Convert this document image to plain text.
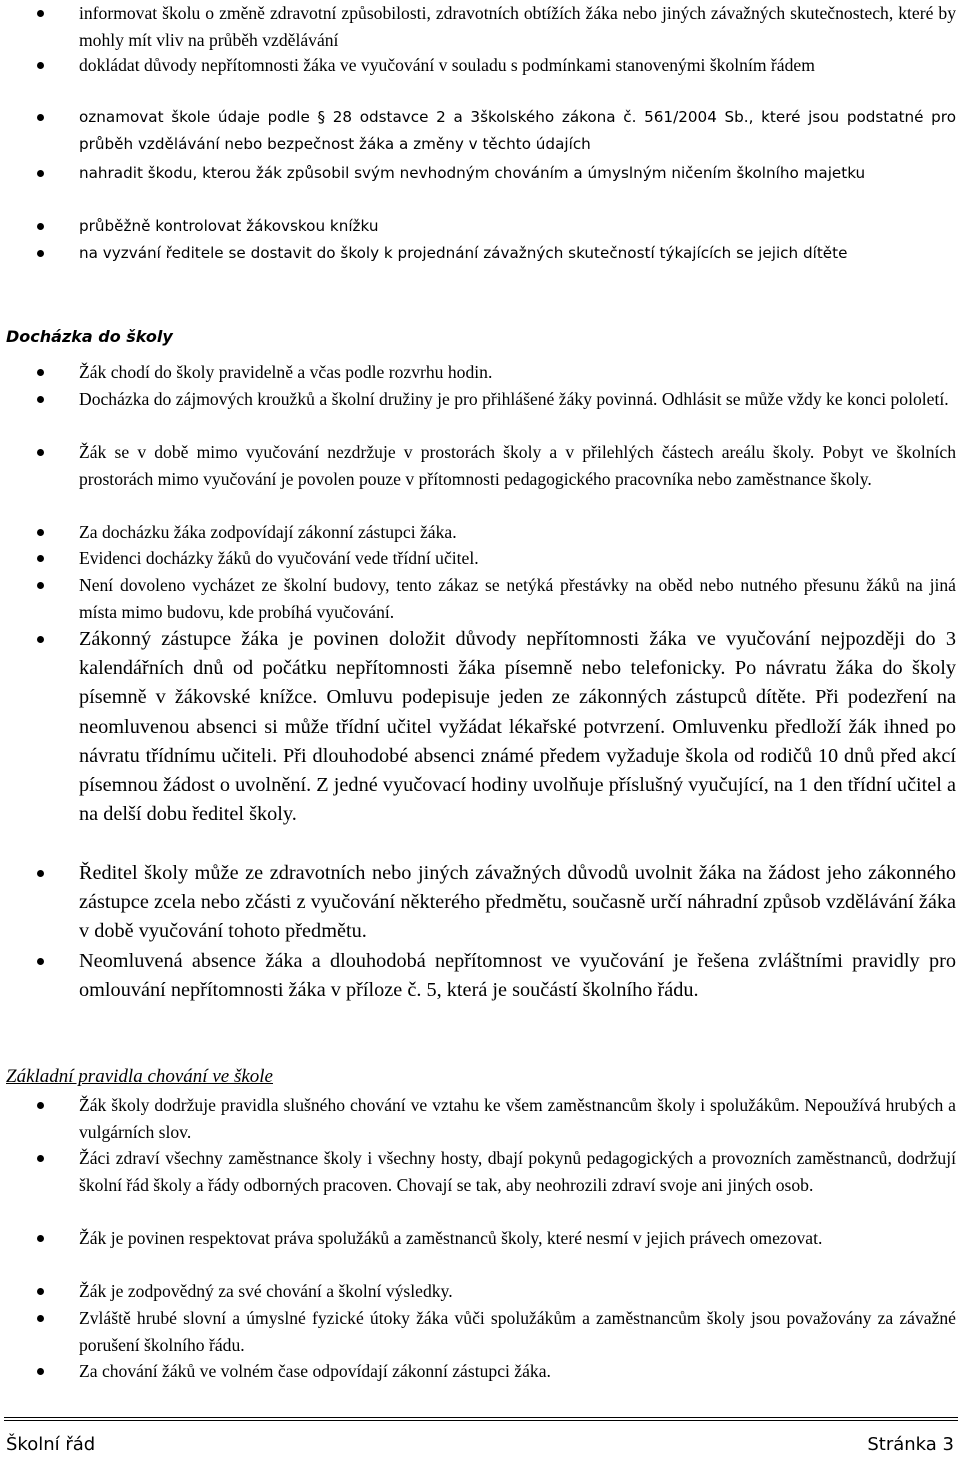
informovat školu o změně zdravotní způsobilosti, zdravotních obtížích žáka nebo jiných závažných skutečnostech, které by mohly mít vliv na průběh vzdělávání
dokládat důvody nepřítomnosti žáka ve vyučování v souladu s podmínkami stanovenými školním řádem
oznamovat škole údaje podle § 28 odstavce 2 a 3školského zákona č. 561/2004 Sb., které jsou podstatné pro průběh vzdělávání nebo bezpečnost žáka a změny v těchto údajích
nahradit škodu, kterou žák způsobil svým nevhodným chováním a úmyslným ničením školního majetku
průběžně kontrolovat žákovskou knížku
na vyzvání ředitele se dostavit do školy k projednání závažných skutečností týkajících se jejich dítěte

Docházka do školy

Žák chodí do školy pravidelně a včas podle rozvrhu hodin.
Docházka do zájmových kroužků a školní družiny je pro přihlášené žáky povinná. Odhlásit se může vždy ke konci pololetí.
Žák se v době mimo vyučování nezdržuje v prostorách školy a v přilehlých částech areálu školy. Pobyt ve školních prostorách mimo vyučování je povolen pouze v přítomnosti pedagogického pracovníka nebo zaměstnance školy.
Za docházku žáka zodpovídají zákonní zástupci žáka.
Evidenci docházky žáků do vyučování vede třídní učitel.
Není dovoleno vycházet ze školní budovy, tento zákaz se netýká přestávky na oběd nebo nutného přesunu žáků na jiná místa mimo budovu, kde probíhá vyučování.
Zákonný zástupce žáka je povinen doložit důvody nepřítomnosti žáka ve vyučování nejpozději do 3 kalendářních dnů od počátku nepřítomnosti žáka písemně nebo telefonicky. Po návratu žáka do školy písemně v žákovské knížce. Omluvu podepisuje jeden ze zákonných zástupců dítěte. Při podezření na neomluvenou absenci si může třídní učitel vyžádat lékařské potvrzení. Omluvenku předloží žák ihned po návratu třídnímu učiteli. Při dlouhodobé absenci známé předem vyžaduje škola od rodičů 10 dnů před akcí písemnou žádost o uvolnění. Z jedné vyučovací hodiny uvolňuje příslušný vyučující, na 1 den třídní učitel a na delší dobu ředitel školy.
Ředitel školy může ze zdravotních nebo jiných závažných důvodů uvolnit žáka na žádost jeho zákonného zástupce zcela nebo zčásti z vyučování některého předmětu, současně určí náhradní způsob vzdělávání žáka v době vyučování tohoto předmětu.
Neomluvená absence žáka a dlouhodobá nepřítomnost ve vyučování je řešena zvláštními pravidly pro omlouvání nepřítomnosti žáka v příloze č. 5, která je součástí školního řádu.

Základní pravidla chování ve škole

Žák školy dodržuje pravidla slušného chování ve vztahu ke všem zaměstnancům školy i spolužákům. Nepoužívá hrubých a vulgárních slov.
Žáci zdraví všechny zaměstnance školy i všechny hosty, dbají pokynů pedagogických a provozních zaměstnanců, dodržují školní řád školy a řády odborných pracoven. Chovají se tak, aby neohrozili zdraví svoje ani jiných osob.
Žák je povinen respektovat práva spolužáků a zaměstnanců školy, které nesmí v jejich právech omezovat.
Žák je zodpovědný za své chování a školní výsledky.
Zvláště hrubé slovní a úmyslné fyzické útoky žáka vůči spolužákům a zaměstnancům školy jsou považovány za závažné porušení školního řádu.
Za chování žáků ve volném čase odpovídají zákonní zástupci žáka.
Školní řád	Stránka 3
